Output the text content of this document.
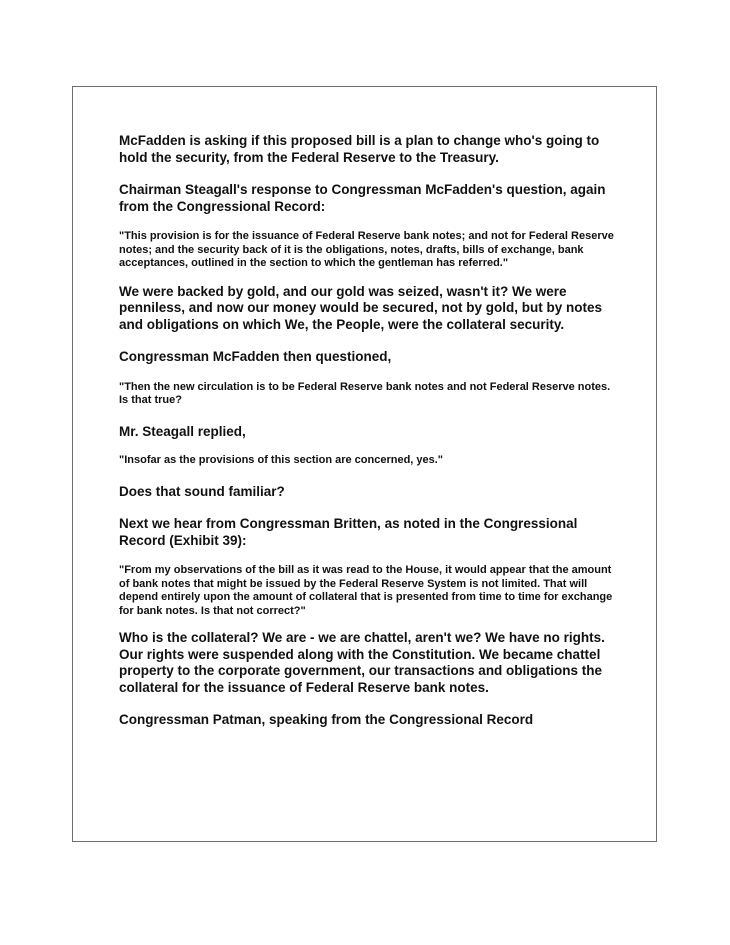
McFadden is asking if this proposed bill is a plan to change who's going to hold the security, from the Federal Reserve to the Treasury.

Chairman Steagall's response to Congressman McFadden's question, again from the Congressional Record:

"This provision is for the issuance of Federal Reserve bank notes; and not for Federal Reserve notes; and the security back of it is the obligations, notes, drafts, bills of exchange, bank acceptances, outlined in the section to which the gentleman has referred."

We were backed by gold, and our gold was seized, wasn't it? We were penniless, and now our money would be secured, not by gold, but by notes and obligations on which We, the People, were the collateral security.

Congressman McFadden then questioned,

"Then the new circulation is to be Federal Reserve bank notes and not Federal Reserve notes. Is that true?

Mr. Steagall replied,

"Insofar as the provisions of this section are concerned, yes."

Does that sound familiar?

Next we hear from Congressman Britten, as noted in the Congressional Record (Exhibit 39):

"From my observations of the bill as it was read to the House, it would appear that the amount of bank notes that might be issued by the Federal Reserve System is not limited. That will depend entirely upon the amount of collateral that is presented from time to time for exchange for bank notes. Is that not correct?"

Who is the collateral? We are - we are chattel, aren't we? We have no rights. Our rights were suspended along with the Constitution. We became chattel property to the corporate government, our transactions and obligations the collateral for the issuance of Federal Reserve bank notes.

Congressman Patman, speaking from the Congressional Record
